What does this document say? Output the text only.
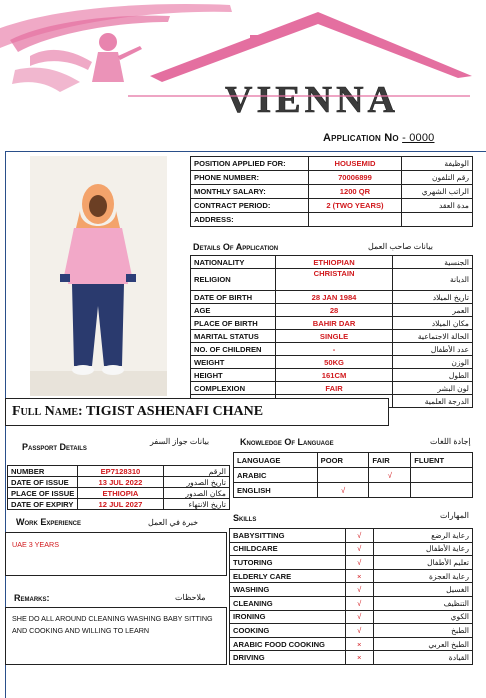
VIENNA
Application No - 0000
POSITION APPLIED FOR:	HOUSEMID	الوظيفة
PHONE NUMBER:	70006899	رقم التلفون
MONTHLY SALARY:	1200 QR	الراتب الشهري
CONTRACT PERIOD:	2 (TWO YEARS)	مدة العقد
ADDRESS:		
Details Of Application	بيانات صاحب العمل
NATIONALITY	ETHIOPIAN	الجنسية
RELIGION	CHRISTAIN	الديانة
DATE OF BIRTH	28 JAN 1984	تاريخ الميلاد
AGE	28	العمر
PLACE OF BIRTH	BAHIR DAR	مكان الميلاد
MARITAL STATUS	SINGLE	الحالة الاجتماعية
NO. OF CHILDREN	-	عدد الأطفال
WEIGHT	50KG	الوزن
HEIGHT	161CM	الطول
COMPLEXION	FAIR	لون البشر
		الدرجة العلمية
Full Name: TIGIST ASHENAFI CHANE
Passport Details
بيانات جواز السفر
NUMBER	EP7128310	الرقم
DATE OF ISSUE	13 JUL 2022	تاريخ الصدور
PLACE OF ISSUE	ETHIOPIA	مكان الصدور
DATE OF EXPIRY	12 JUL 2027	تاريخ الانتهاء
Knowledge Of Language	إجادة اللغات
LANGUAGE	POOR	FAIR	FLUENT
ARABIC		√	
ENGLISH	√		
Work Experience	خبرة في العمل
UAE 3 YEARS
Skills	المهارات
BABYSITTING	√	رعاية الرضع
CHILDCARE	√	رعاية الأطفال
TUTORING	√	تعليم الأطفال
ELDERLY CARE	×	رعاية العجزة
WASHING	√	الغسيل
CLEANING	√	التنظيف
IRONING	√	الكوي
COOKING	√	الطبخ
ARABIC FOOD COOKING	×	الطبخ العربي
DRIVING	×	القيادة
Remarks:	ملاحظات
SHE DO ALL AROUND CLEANING WASHING BABY SITTING AND COOKING AND WILLING TO LEARN
